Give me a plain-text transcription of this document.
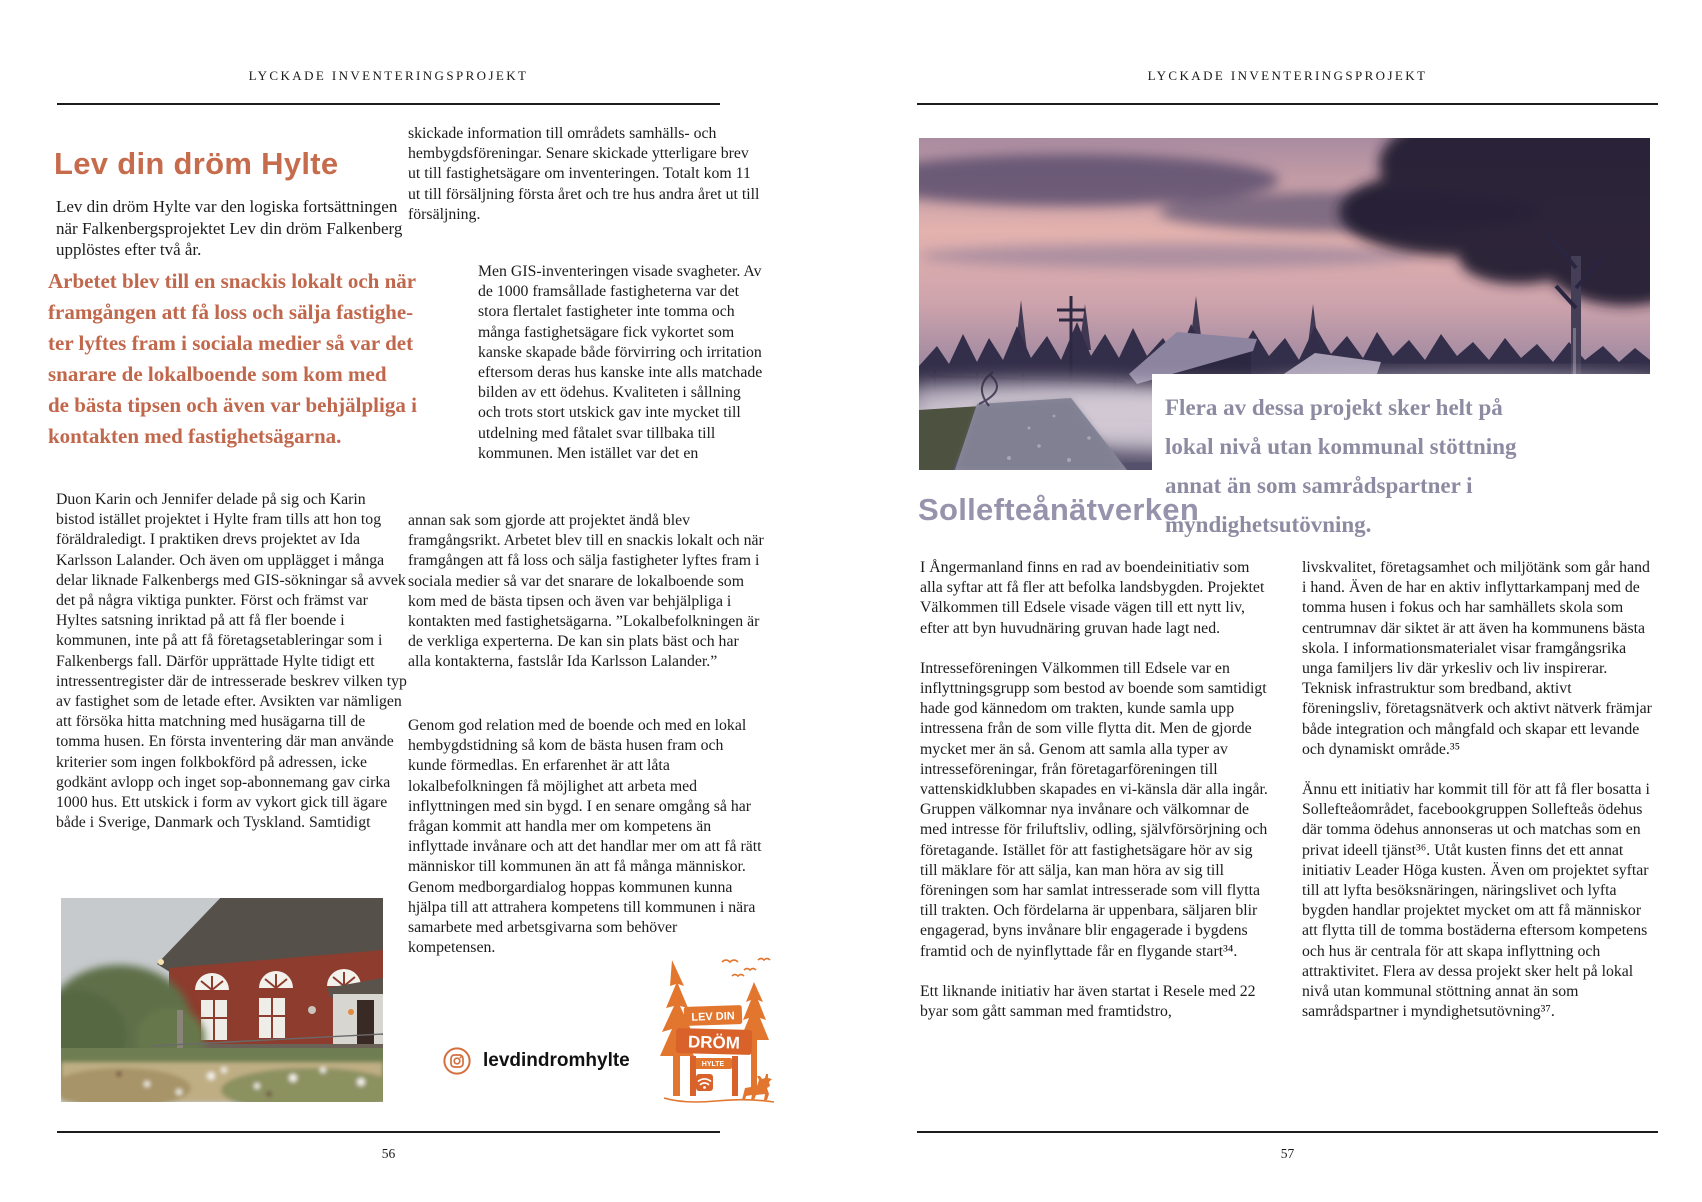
LYCKADE INVENTERINGSPROJEKT
Lev din dröm Hylte
Lev din dröm Hylte var den logiska fortsättningen när Falkenbergsprojektet Lev din dröm Falkenberg upplöstes efter två år.
Arbetet blev till en snackis lokalt och när
framgången att få loss och sälja fastighe-
ter lyftes fram i sociala medier så var det
snarare de lokalboende som kom med
de bästa tipsen och även var behjälpliga i
kontakten med fastighetsägarna.

Duon Karin och Jennifer delade på sig och Karin bistod istället projektet i Hylte fram tills att hon tog föräldraledigt. I praktiken drevs projektet av Ida Karlsson Lalander. Och även om upplägget i många delar liknade Falkenbergs med GIS-sökningar så avvek det på några viktiga punkter. Först och främst var Hyltes satsning inriktad på att få fler boende i kommunen, inte på att få företagsetableringar som i Falkenbergs fall. Därför upprättade Hylte tidigt ett intressentregister där de intresserade beskrev vilken typ av fastighet som de letade efter. Avsikten var nämligen att försöka hitta matchning med husägarna till de tomma husen. En första inventering där man använde kriterier som ingen folkbokförd på adressen, icke godkänt avlopp och inget sop-abonnemang gav cirka 1000 hus. Ett utskick i form av vykort gick till ägare både i Sverige, Danmark och Tyskland. Samtidigt

skickade information till områdets samhälls- och hembygdsföreningar. Senare skickade ytterligare brev ut till fastighetsägare om inventeringen. Totalt kom 11 ut till försäljning första året och tre hus andra året ut till försäljning.

Men GIS-inventeringen visade svagheter. Av de 1000 framsållade fastigheterna var det stora flertalet fastigheter inte tomma och många fastighetsägare fick vykortet som kanske skapade både förvirring och irritation eftersom deras hus kanske inte alls matchade bilden av ett ödehus. Kvaliteten i sållning och trots stort utskick gav inte mycket till utdelning med fåtalet svar tillbaka till kommunen. Men istället var det en

annan sak som gjorde att projektet ändå blev framgångsrikt. Arbetet blev till en snackis lokalt och när framgången att få loss och sälja fastigheter lyftes fram i sociala medier så var det snarare de lokalboende som kom med de bästa tipsen och även var behjälpliga i kontakten med fastighetsägarna. ”Lokalbefolkningen är de verkliga experterna. De kan sin plats bäst och har alla kontakterna, fastslår Ida Karlsson Lalander.”

Genom god relation med de boende och med en lokal hembygdstidning så kom de bästa husen fram och kunde förmedlas. En erfarenhet är att låta lokalbefolkningen få möjlighet att arbeta med inflyttningen med sin bygd. I en senare omgång så har frågan kommit att handla mer om kompetens än inflyttade invånare och att det handlar mer om att få rätt människor till kommunen än att få många människor. Genom medborgardialog hoppas kommunen kunna hjälpa till att attrahera kompetens till kommunen i nära samarbete med arbetsgivarna som behöver kompetensen.

levdindromhylte
LEV DIN
DRÖM
HYLTE
56
LYCKADE INVENTERINGSPROJEKT
Flera av dessa projekt sker helt på
lokal nivå utan kommunal stöttning
annat än som samrådspartner i
myndighetsutövning.
Sollefteånätverken

I Ångermanland finns en rad av boendeinitiativ som alla syftar att få fler att befolka landsbygden. Projektet Välkommen till Edsele visade vägen till ett nytt liv, efter att byn huvudnäring gruvan hade lagt ned.

Intresseföreningen Välkommen till Edsele var en inflyttningsgrupp som bestod av boende som samtidigt hade god kännedom om trakten, kunde samla upp intressena från de som ville flytta dit. Men de gjorde mycket mer än så. Genom att samla alla typer av intresseföreningar, från företagarföreningen till vattenskidklubben skapades en vi-känsla där alla ingår. Gruppen välkomnar nya invånare och välkomnar de med intresse för friluftsliv, odling, självförsörjning och företagande. Istället för att fastighetsägare hör av sig till mäklare för att sälja, kan man höra av sig till föreningen som har samlat intresserade som vill flytta till trakten. Och fördelarna är uppenbara, säljaren blir engagerad, byns invånare blir engagerade i bygdens framtid och de nyinflyttade får en flygande start³⁴.

Ett liknande initiativ har även startat i Resele med 22 byar som gått samman med framtidstro,

livskvalitet, företagsamhet och miljötänk som går hand i hand. Även de har en aktiv inflyttarkampanj med de tomma husen i fokus och har samhällets skola som centrumnav där siktet är att även ha kommunens bästa skola. I informationsmaterialet visar framgångsrika unga familjers liv där yrkesliv och liv inspirerar. Teknisk infrastruktur som bredband, aktivt föreningsliv, företagsnätverk och aktivt nätverk främjar både integration och mångfald och skapar ett levande och dynamiskt område.³⁵

Ännu ett initiativ har kommit till för att få fler bosatta i Sollefteåområdet, facebookgruppen Sollefteås ödehus där tomma ödehus annonseras ut och matchas som en privat ideell tjänst³⁶. Utåt kusten finns det ett annat initiativ Leader Höga kusten. Även om projektet syftar till att lyfta besöksnäringen, näringslivet och lyfta bygden handlar projektet mycket om att få människor att flytta till de tomma bostäderna eftersom kompetens och hus är centrala för att skapa inflyttning och attraktivitet. Flera av dessa projekt sker helt på lokal nivå utan kommunal stöttning annat än som samrådspartner i myndighetsutövning³⁷.

57
